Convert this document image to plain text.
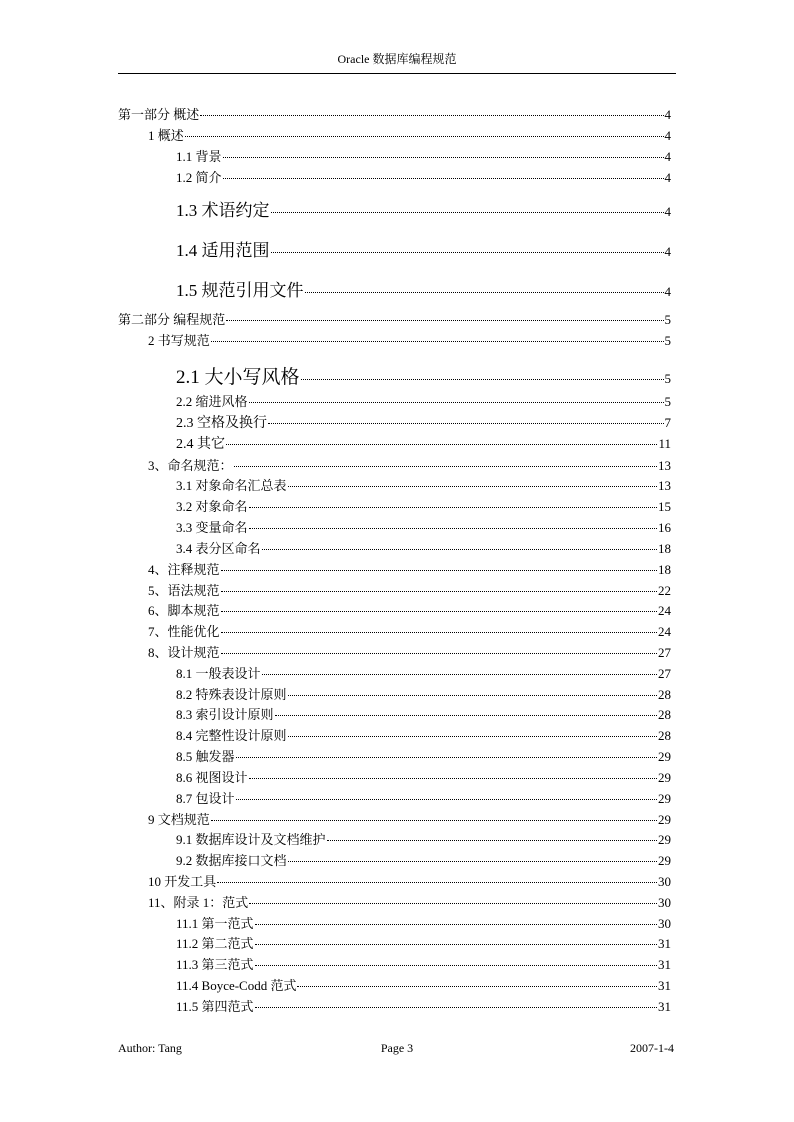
Oracle 数据库编程规范
第一部分 概述	4
1 概述	4
1.1 背景	4
1.2 简介	4
1.3 术语约定	4
1.4 适用范围	4
1.5 规范引用文件	4
第二部分 编程规范	5
2 书写规范	5
2.1 大小写风格	5
2.2 缩进风格	5
2.3 空格及换行	7
2.4 其它	11
3、命名规范：	13
3.1 对象命名汇总表	13
3.2 对象命名	15
3.3 变量命名	16
3.4 表分区命名	18
4、注释规范	18
5、语法规范	22
6、脚本规范	24
7、性能优化	24
8、设计规范	27
8.1 一般表设计	27
8.2 特殊表设计原则	28
8.3 索引设计原则	28
8.4 完整性设计原则	28
8.5 触发器	29
8.6 视图设计	29
8.7 包设计	29
9 文档规范	29
9.1 数据库设计及文档维护	29
9.2 数据库接口文档	29
10 开发工具	30
11、附录 1：范式	30
11.1 第一范式	30
11.2 第二范式	31
11.3 第三范式	31
11.4 Boyce-Codd 范式	31
11.5 第四范式	31
Author: Tang	Page 3	2007-1-4
